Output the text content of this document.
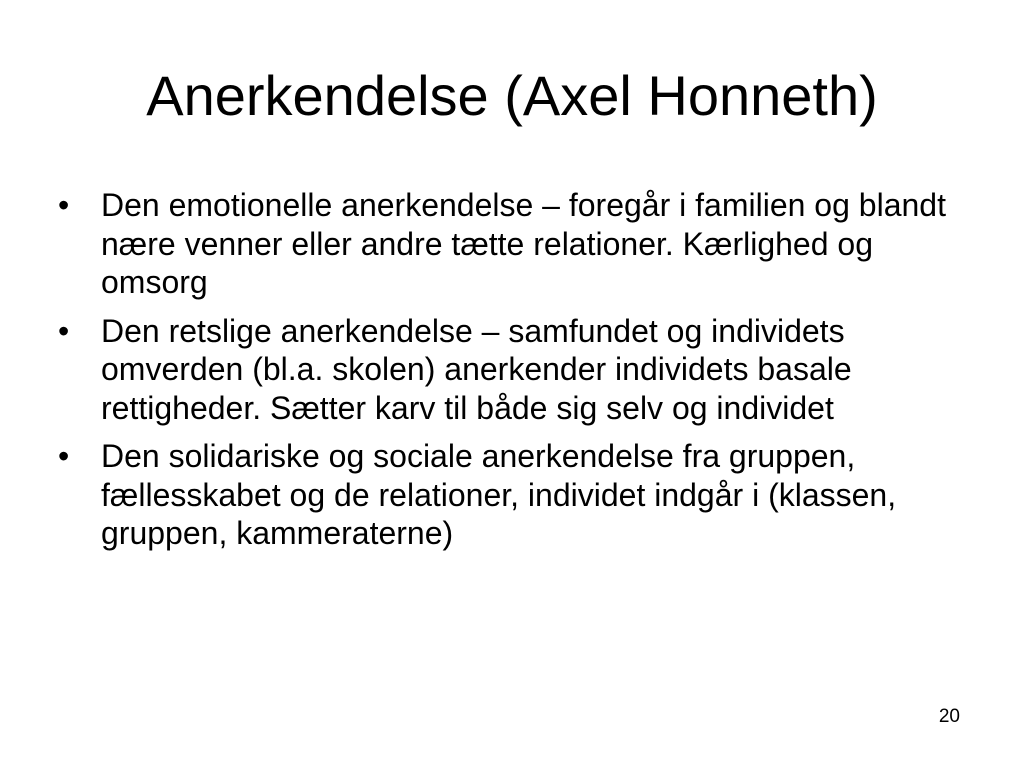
Anerkendelse (Axel Honneth)
• Den emotionelle anerkendelse – foregår i familien og blandt nære venner eller andre tætte relationer. Kærlighed og omsorg
• Den retslige anerkendelse – samfundet og individets omverden (bl.a. skolen) anerkender individets basale rettigheder. Sætter karv til både sig selv og individet
• Den solidariske og sociale anerkendelse fra gruppen, fællesskabet og de relationer, individet indgår i (klassen, gruppen, kammeraterne)
20
